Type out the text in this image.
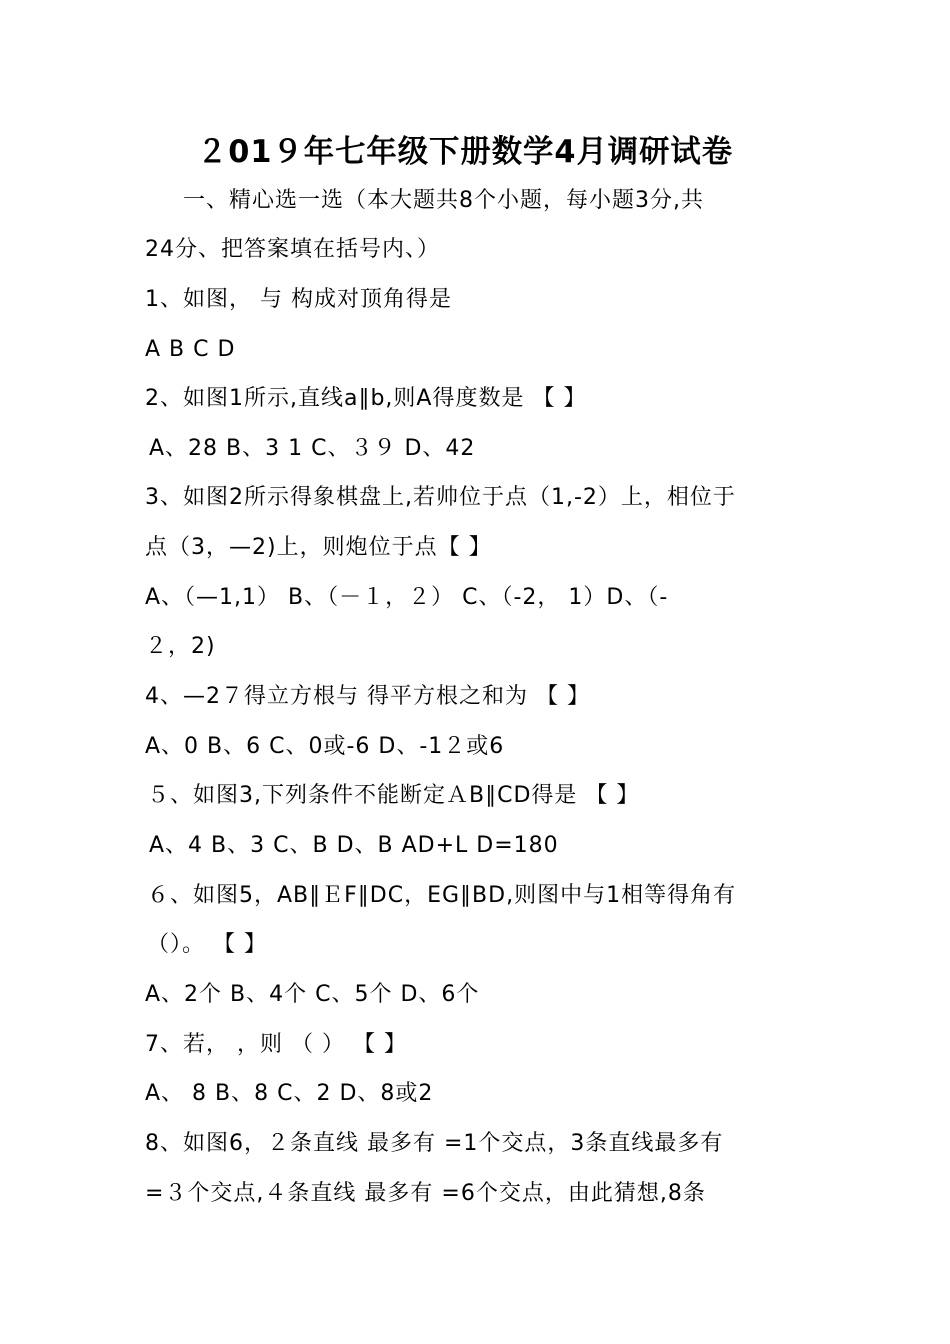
２01９年七年级下册数学4月调研试卷
一、精心选一选（本大题共8个小题，每小题3分,共
24分、把答案填在括号内、）
1、如图， 与 构成对顶角得是
A B C D
2、如图1所示,直线a∥b,则A得度数是 【 】
A、28 B、3 1 C、３９ D、42
3、如图2所示得象棋盘上,若帅位于点（1,-2）上，相位于
点（3，—2)上，则炮位于点【 】
A、（—1,1） B、（－１，２） C、（-2， 1）D、（-
２，2)
4、—2７得立方根与 得平方根之和为 【 】
A、0 B、6 C、0或-6 D、-1２或6
５、如图3,下列条件不能断定ＡB∥CD得是 【 】
A、4 B、3 C、B D、B AD+L D=180
６、如图5，AB∥ＥF∥DC，EG∥BD,则图中与1相等得角有
（）。 【 】
A、2个 B、4个 C、5个 D、6个
7、若， ，则 （ ） 【 】
A、 8 B、8 C、2 D、8或2
8、如图6，２条直线 最多有 =1个交点，3条直线最多有
=３个交点,４条直线 最多有 =6个交点，由此猜想,8条
